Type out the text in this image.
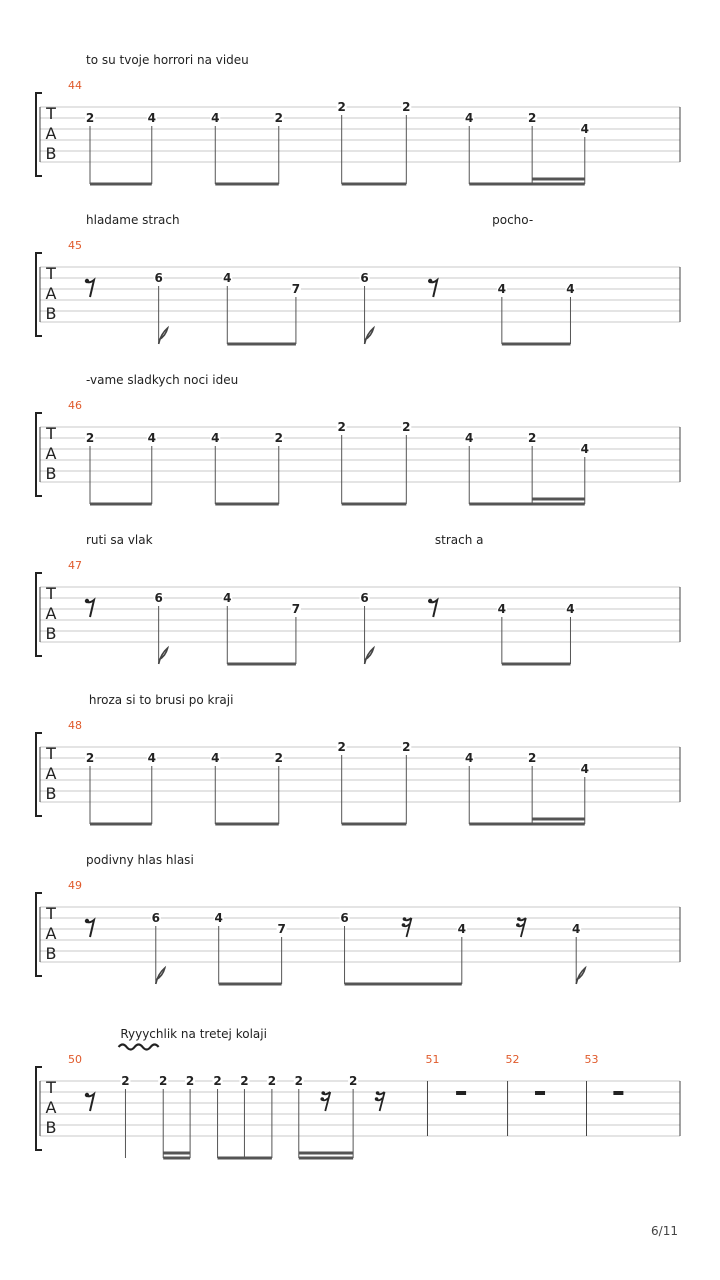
T
A
B
to su tvoje horrori na videu
44
2	4	4	2
2	2
4	2
4
T
A
B
hladame strach	pocho-
45
6	4
7
6
4	4
T
A
B
-vame sladkych noci ideu
46
2	4	4	2
2	2
4	2
4
T
A
B
ruti sa vlak	strach a
47
6	4
7
6
4	4
T
A
B
hroza si to brusi po kraji
48
2	4	4	2
2	2
4	2
4
T
A
B
podivny hlas hlasi
49
6	4
7
6
4	4
T
A
B
Ryyychlik na tretej kolaji
50	51	52	53
2 2 2 2 2 2 2	2
6/11
